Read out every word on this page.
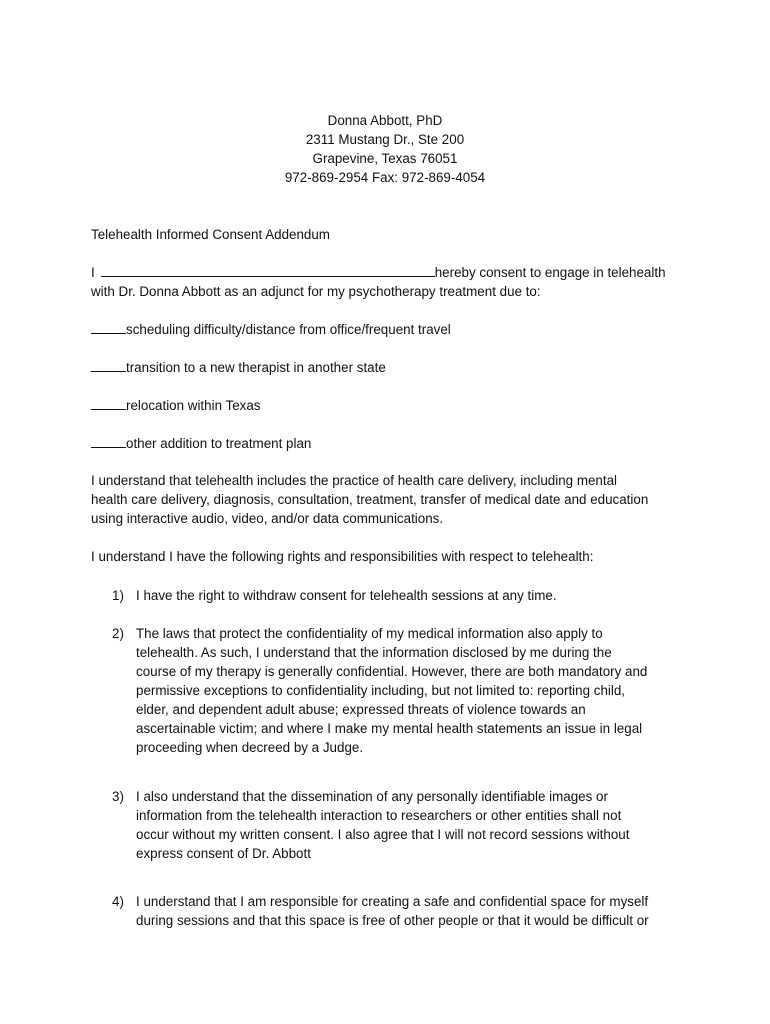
Donna Abbott, PhD
2311 Mustang Dr., Ste 200
Grapevine, Texas 76051
972-869-2954 Fax: 972-869-4054
Telehealth Informed Consent Addendum
I	hereby consent to engage in telehealth
with Dr. Donna Abbott as an adjunct for my psychotherapy treatment due to:
scheduling difficulty/distance from office/frequent travel
transition to a new therapist in another state
relocation within Texas
other addition to treatment plan
I understand that telehealth includes the practice of health care delivery, including mental
health care delivery, diagnosis, consultation, treatment, transfer of medical date and education
using interactive audio, video, and/or data communications.
I understand I have the following rights and responsibilities with respect to telehealth:
1) I have the right to withdraw consent for telehealth sessions at any time.
2) The laws that protect the confidentiality of my medical information also apply to
telehealth. As such, I understand that the information disclosed by me during the
course of my therapy is generally confidential. However, there are both mandatory and
permissive exceptions to confidentiality including, but not limited to: reporting child,
elder, and dependent adult abuse; expressed threats of violence towards an
ascertainable victim; and where I make my mental health statements an issue in legal
proceeding when decreed by a Judge.
3) I also understand that the dissemination of any personally identifiable images or
information from the telehealth interaction to researchers or other entities shall not
occur without my written consent. I also agree that I will not record sessions without
express consent of Dr. Abbott
4) I understand that I am responsible for creating a safe and confidential space for myself
during sessions and that this space is free of other people or that it would be difficult or
